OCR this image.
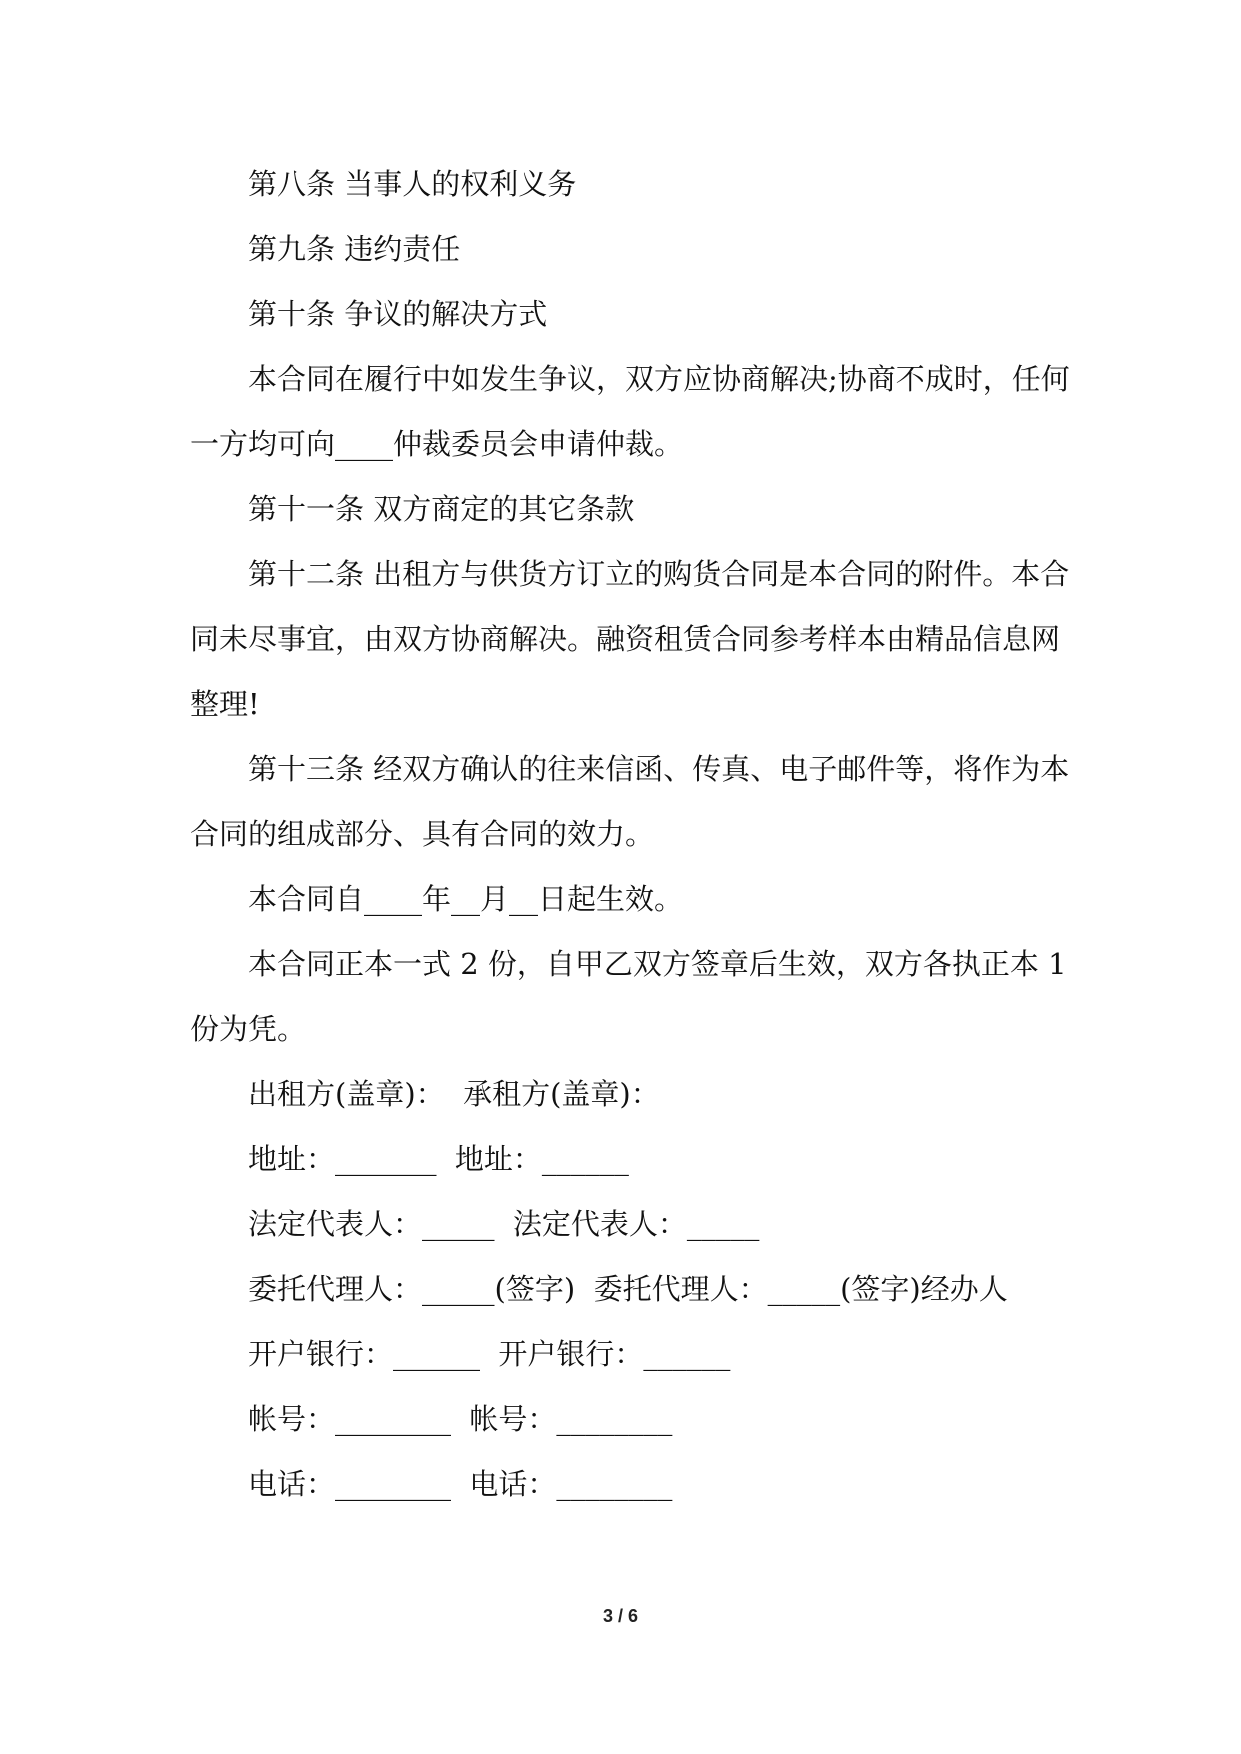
第八条 当事人的权利义务

第九条 违约责任

第十条 争议的解决方式

本合同在履行中如发生争议，双方应协商解决;协商不成时，任何一方均可向____仲裁委员会申请仲裁。

第十一条 双方商定的其它条款

第十二条 出租方与供货方订立的购货合同是本合同的附件。本合同未尽事宜，由双方协商解决。融资租赁合同参考样本由精品信息网整理!

第十三条 经双方确认的往来信函、传真、电子邮件等，将作为本合同的组成部分、具有合同的效力。

本合同自____年__月__日起生效。

本合同正本一式 2 份，自甲乙双方签章后生效，双方各执正本 1 份为凭。

出租方(盖章)：  承租方(盖章)：

地址：_______  地址：______

法定代表人：_____  法定代表人：_____

委托代理人：_____(签字)  委托代理人：_____(签字)经办人

开户银行：______  开户银行：______

帐号：________  帐号：________

电话：________  电话：________

3 / 6
